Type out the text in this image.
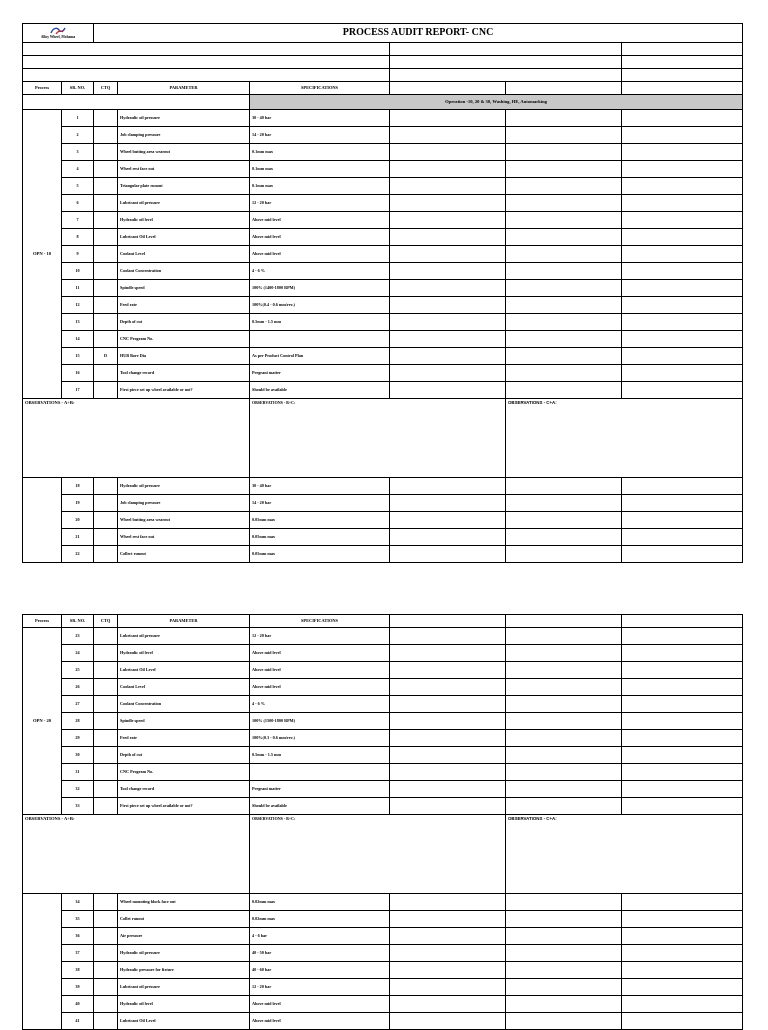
Alloy Wheel, Mohama		PROCESS AUDIT REPORT- CNC					

Process	SR. NO.	CTQ	PARAMETER	SPECIFICATIONS			
				Operation -10, 20 & 30, Washing, HE, Automarking			
OPN - 10	1		Hydraulic oil pressure	30 - 40 bar			
	2		Job clamping pressure	14 - 20 bar			
	3		Wheel butting area wearout	0.1mm max			
	4		Wheel rest face out	0.1mm max			
	5		Triangular plate runout	0.1mm max			
	6		Lubricant oil pressure	12 - 20 bar			
	7		Hydraulic oil level	Above mid level			
	8		Lubricant Oil Level	Above mid level			
	9		Coolant Level	Above mid level			
	10		Coolant Concentration	4 - 6 %			
	11		Spindle speed	100% (1400-1800 RPM)			
	12		Feed rate	100%(0.4 - 0.6 mm/rev.)			
	13		Depth of cut	0.5mm - 1.5 mm			
	14		CNC Program No.				
	15	D	HUB Bore Dia	As per Product Control Plan			
	16		Tool change record	Pregrani matter			
	17		First piece set up wheel available or not?	Should be available			
OBSERVATIONS - A+B:				OBSERVATIONS - B+C:		OBSERVATIONS - C+A:	
	18		Hydraulic oil pressure	30 - 40 bar			
	19		Job clamping pressure	14 - 20 bar			
	20		Wheel butting area wearout	0.05mm max			
	21		Wheel rest face out	0.05mm max			
	22		Collect runout	0.05mm max			
Process	SR. NO.	CTQ	PARAMETER	SPECIFICATIONS			
OPN - 20	23		Lubricant oil pressure	12 - 20 bar			
	24		Hydraulic oil level	Above mid level			
	25		Lubricant Oil Level	Above mid level			
	26		Coolant Level	Above mid level			
	27		Coolant Concentration	4 - 6 %			
	28		Spindle speed	100% (1500-1800 RPM)			
	29		Feed rate	100%(0.3 - 0.6 mm/rev.)			
	30		Depth of cut	0.5mm - 1.5 mm			
	31		CNC Program No.				
	32		Tool change record	Pregrani matter			
	33		First piece set up wheel available or not?	Should be available			
OBSERVATIONS - A+B:				OBSERVATIONS - B+C:		OBSERVATIONS - C+A:	
	34		Wheel mounting block face out	0.02mm max			
	35		Collet runout	0.02mm max			
	36		Air pressure	4 - 6 bar			
	37		Hydraulic oil pressure	40 - 50 bar			
	38		Hydraulic pressure for fixture	40 - 60 bar			
	39		Lubricant oil pressure	12 - 20 bar			
	40		Hydraulic oil level	Above mid level			
	41		Lubricant Oil Level	Above mid level			
